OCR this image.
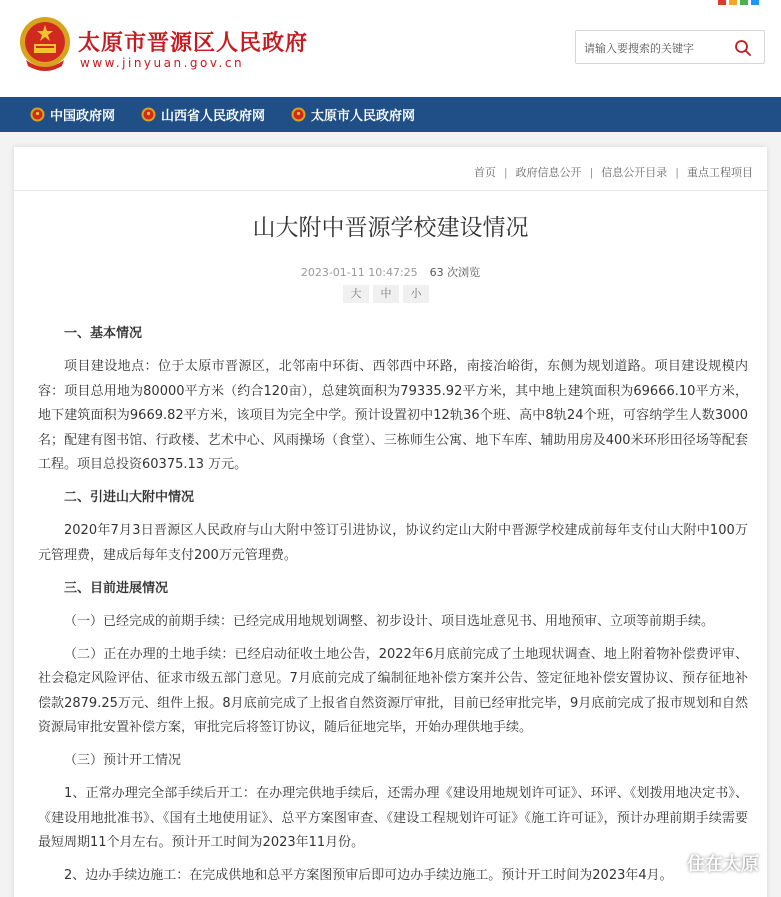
太原市晋源区人民政府
www.jinyuan.gov.cn
请输入要搜索的关键字
中国政府网	山西省人民政府网	太原市人民政府网
首页 | 政府信息公开 | 信息公开目录 | 重点工程项目
山大附中晋源学校建设情况
2023-01-11 10:47:25 63 次浏览
大	中	小

一、基本情况

项目建设地点：位于太原市晋源区，北邻南中环街、西邻西中环路，南接冶峪街，东侧为规划道路。项目建设规模内容：项目总用地为80000平方米（约合120亩），总建筑面积为79335.92平方米，其中地上建筑面积为69666.10平方米，地下建筑面积为9669.82平方米，该项目为完全中学。预计设置初中12轨36个班、高中8轨24个班，可容纳学生人数3000名；配建有图书馆、行政楼、艺术中心、风雨操场（食堂）、三栋师生公寓、地下车库、辅助用房及400米环形田径场等配套工程。项目总投资60375.13 万元。

二、引进山大附中情况

2020年7月3日晋源区人民政府与山大附中签订引进协议，协议约定山大附中晋源学校建成前每年支付山大附中100万元管理费，建成后每年支付200万元管理费。

三、目前进展情况

（一）已经完成的前期手续：已经完成用地规划调整、初步设计、项目选址意见书、用地预审、立项等前期手续。

（二）正在办理的土地手续：已经启动征收土地公告，2022年6月底前完成了土地现状调查、地上附着物补偿费评审、社会稳定风险评估、征求市级五部门意见。7月底前完成了编制征地补偿方案并公告、签定征地补偿安置协议、预存征地补偿款2879.25万元、组件上报。8月底前完成了上报省自然资源厅审批，目前已经审批完毕，9月底前完成了报市规划和自然资源局审批安置补偿方案，审批完后将签订协议，随后征地完毕，开始办理供地手续。

（三）预计开工情况

1、正常办理完全部手续后开工：在办理完供地手续后，还需办理《建设用地规划许可证》、环评、《划拨用地决定书》、《建设用地批准书》、《国有土地使用证》、总平方案图审查、《建设工程规划许可证》《施工许可证》，预计办理前期手续需要最短周期11个月左右。预计开工时间为2023年11月份。

2、边办手续边施工：在完成供地和总平方案图预审后即可边办手续边施工。预计开工时间为2023年4月。

住在太原
